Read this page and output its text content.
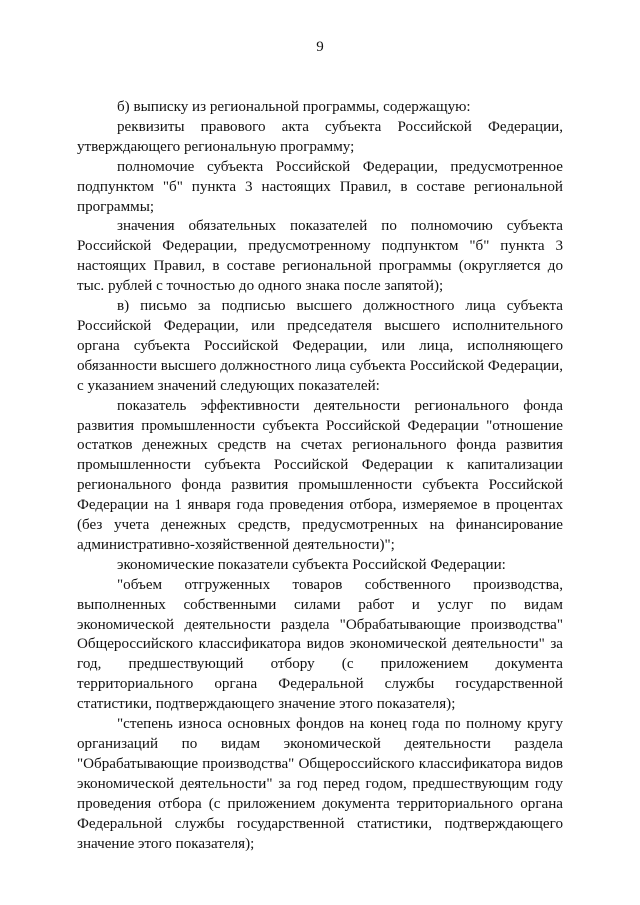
9

б) выписку из региональной программы, содержащую:

реквизиты правового акта субъекта Российской Федерации, утверждающего региональную программу;

полномочие субъекта Российской Федерации, предусмотренное подпунктом "б" пункта 3 настоящих Правил, в составе региональной программы;

значения обязательных показателей по полномочию субъекта Российской Федерации, предусмотренному подпунктом "б" пункта 3 настоящих Правил, в составе региональной программы (округляется до тыс. рублей с точностью до одного знака после запятой);

в) письмо за подписью высшего должностного лица субъекта Российской Федерации, или председателя высшего исполнительного органа субъекта Российской Федерации, или лица, исполняющего обязанности высшего должностного лица субъекта Российской Федерации, с указанием значений следующих показателей:

показатель эффективности деятельности регионального фонда развития промышленности субъекта Российской Федерации "отношение остатков денежных средств на счетах регионального фонда развития промышленности субъекта Российской Федерации к капитализации регионального фонда развития промышленности субъекта Российской Федерации на 1 января года проведения отбора, измеряемое в процентах (без учета денежных средств, предусмотренных на финансирование административно-хозяйственной деятельности)";

экономические показатели субъекта Российской Федерации:

"объем отгруженных товаров собственного производства, выполненных собственными силами работ и услуг по видам экономической деятельности раздела "Обрабатывающие производства" Общероссийского классификатора видов экономической деятельности" за год, предшествующий отбору (с приложением документа территориального органа Федеральной службы государственной статистики, подтверждающего значение этого показателя);

"степень износа основных фондов на конец года по полному кругу организаций по видам экономической деятельности раздела "Обрабатывающие производства" Общероссийского классификатора видов экономической деятельности" за год перед годом, предшествующим году проведения отбора (с приложением документа территориального органа Федеральной службы государственной статистики, подтверждающего значение этого показателя);
